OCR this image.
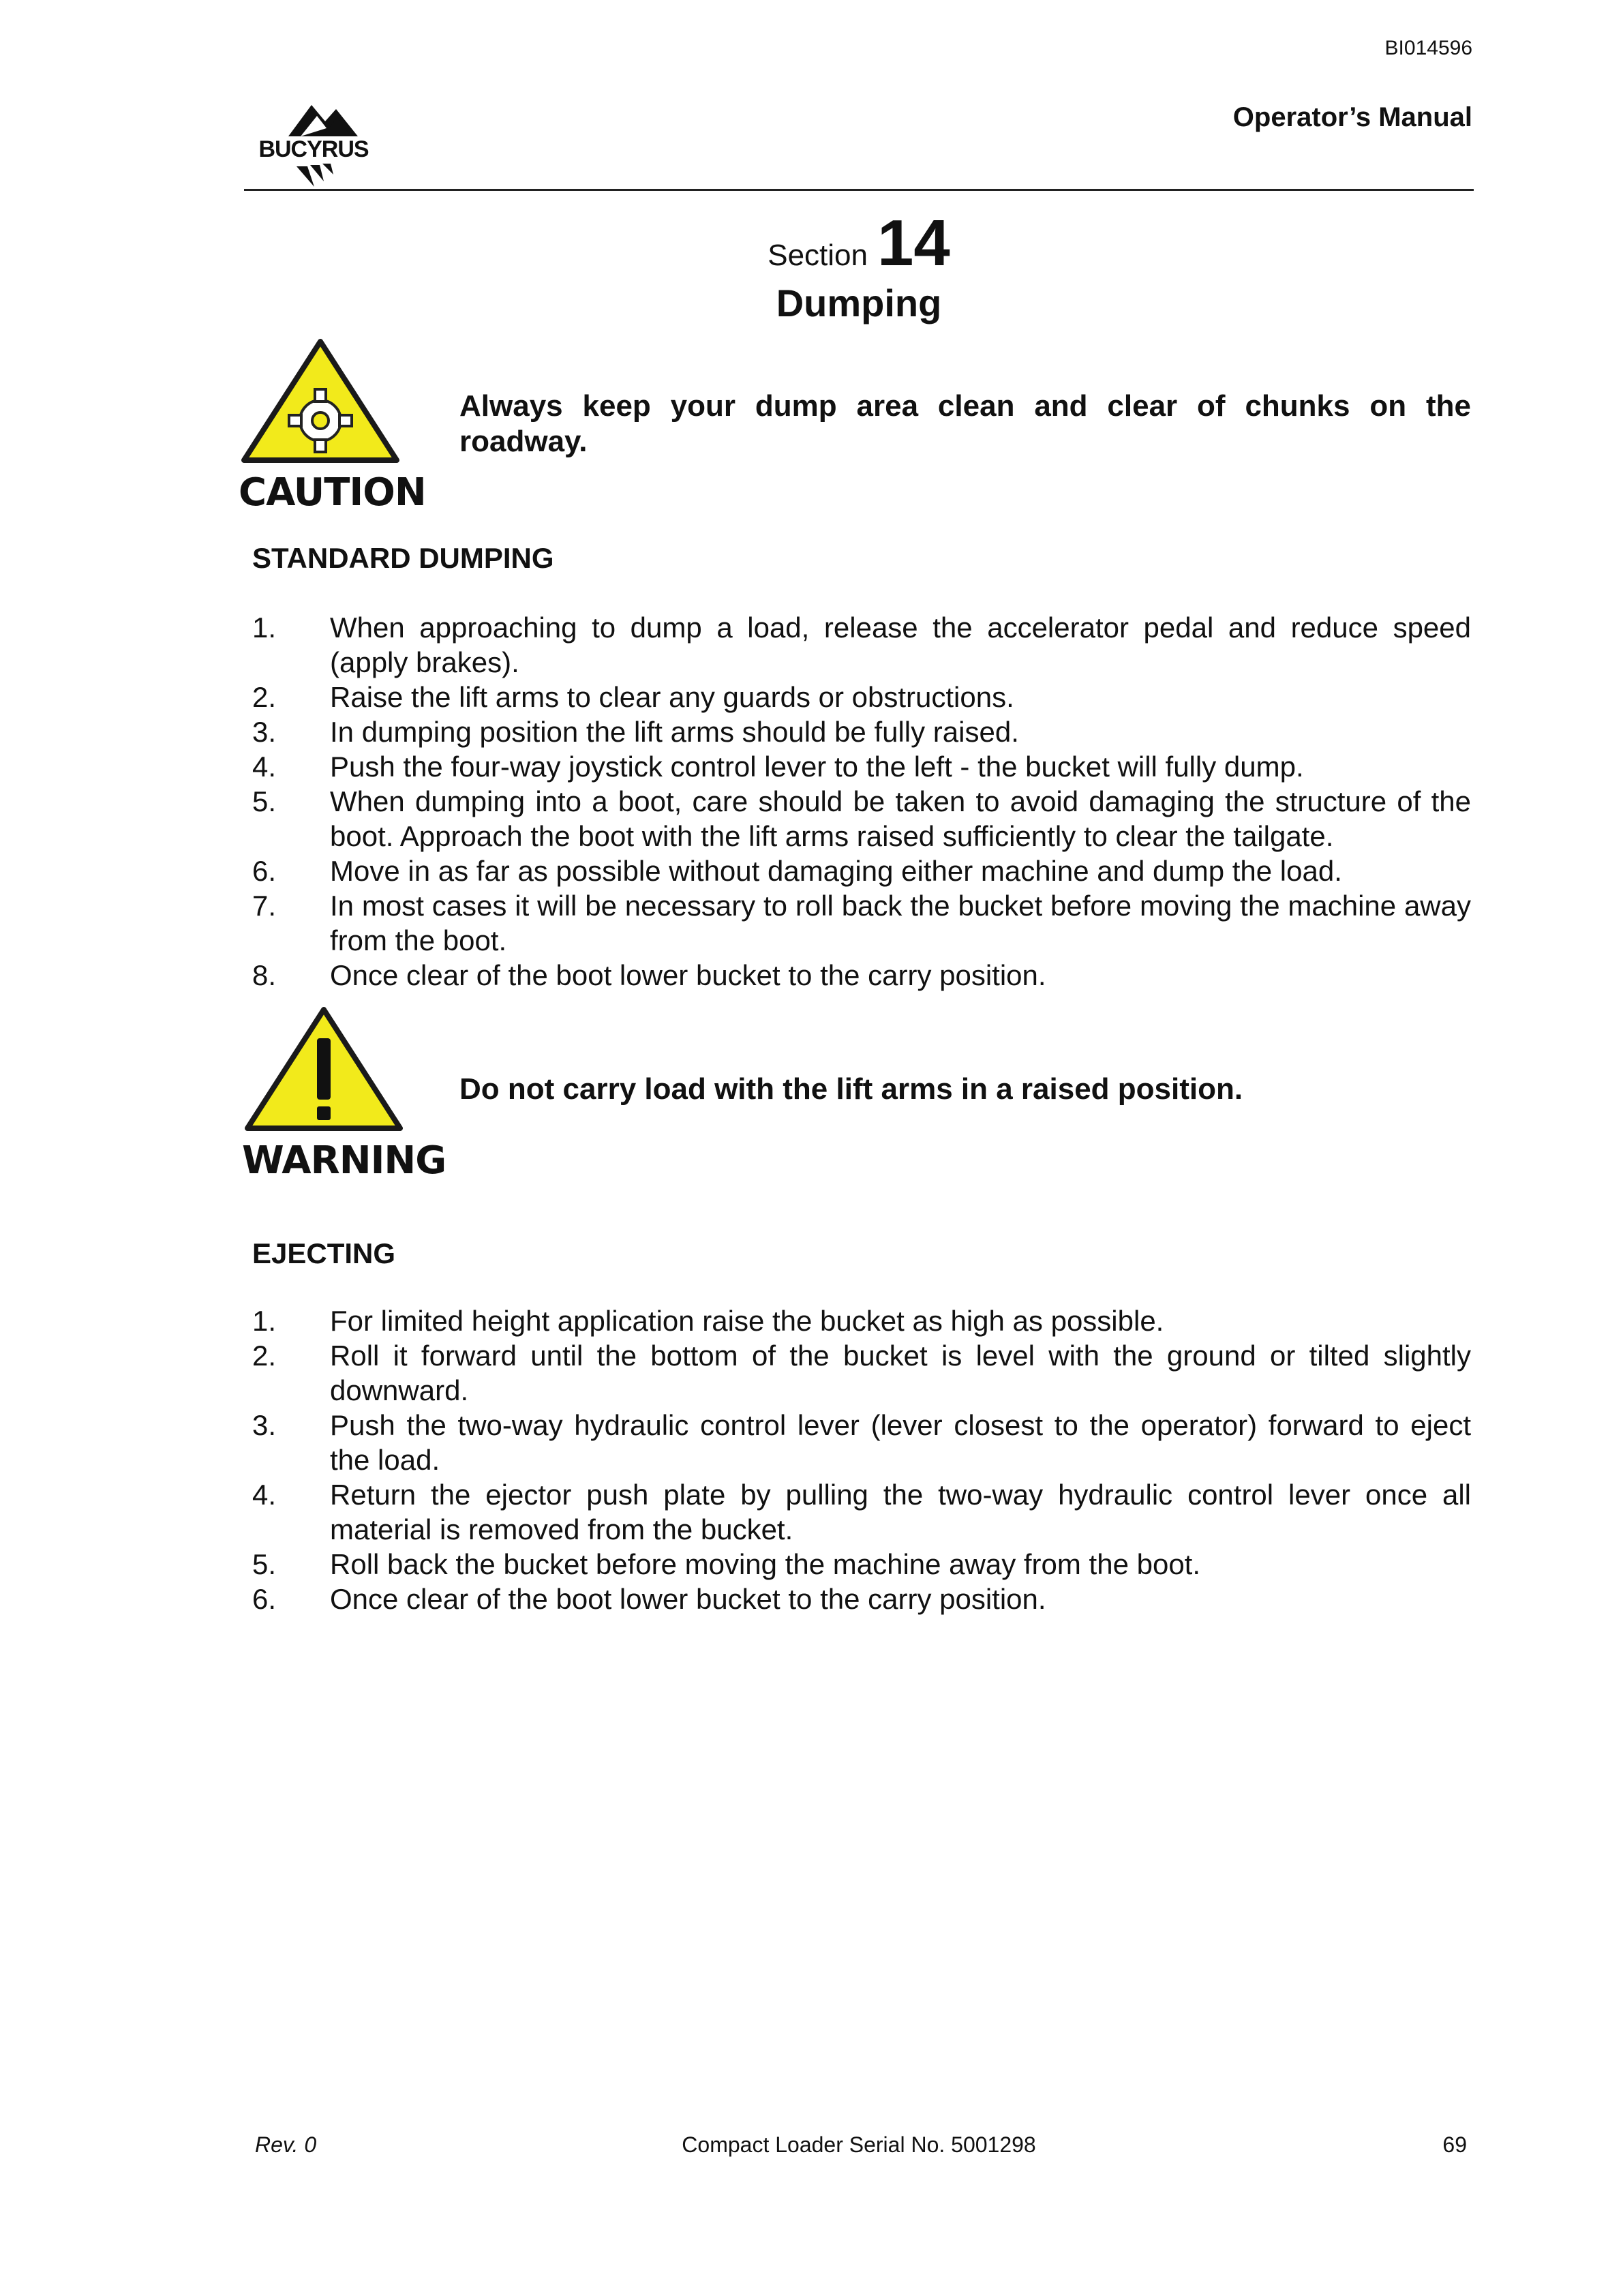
BI014596
Operator’s Manual
BUCYRUS
Section 14
Dumping
CAUTION
Always keep your dump area clean and clear of chunks on the roadway.
STANDARD DUMPING
1.	When approaching to dump a load, release the accelerator pedal and reduce speed (apply brakes).
2.	Raise the lift arms to clear any guards or obstructions.
3.	In dumping position the lift arms should be fully raised.
4.	Push the four-way joystick control lever to the left - the bucket will fully dump.
5.	When dumping into a boot, care should be taken to avoid damaging the structure of the boot. Approach the boot with the lift arms raised sufficiently to clear the tailgate.
6.	Move in as far as possible without damaging either machine and dump the load.
7.	In most cases it will be necessary to roll back the bucket before moving the machine away from the boot.
8.	Once clear of the boot lower bucket to the carry position.
WARNING
Do not carry load with the lift arms in a raised position.
EJECTING
1.	For limited height application raise the bucket as high as possible.
2.	Roll it forward until the bottom of the bucket is level with the ground or tilted slightly downward.
3.	Push the two-way hydraulic control lever (lever closest to the operator) forward to eject the load.
4.	Return the ejector push plate by pulling the two-way hydraulic control lever once all material is removed from the bucket.
5.	Roll back the bucket before moving the machine away from the boot.
6.	Once clear of the boot lower bucket to the carry position.
Rev. 0	Compact Loader Serial No. 5001298	69
